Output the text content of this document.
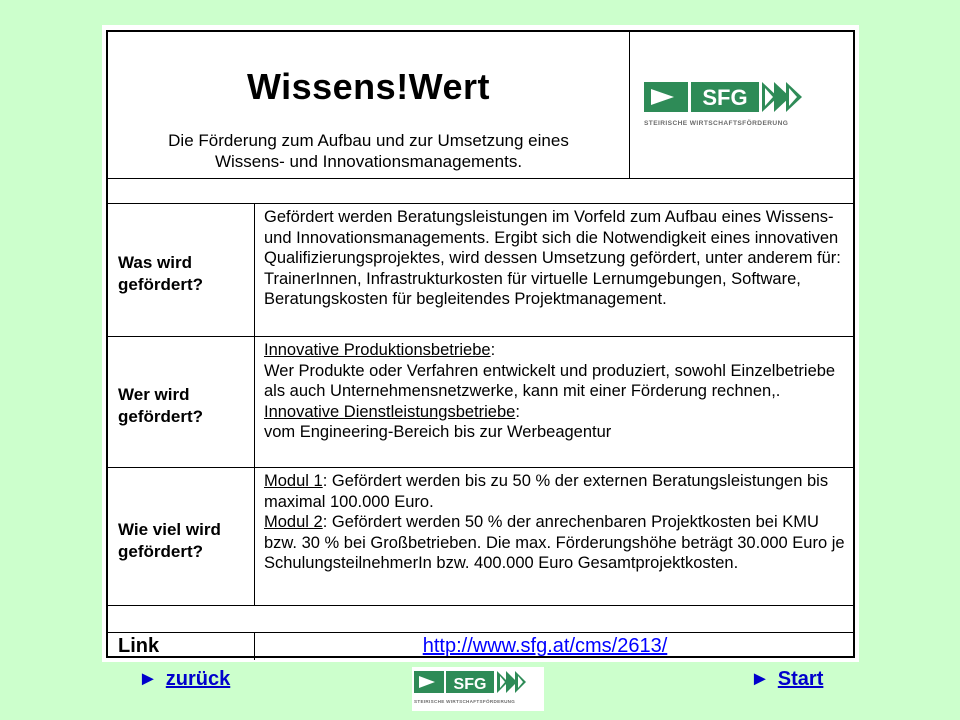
Wissens!Wert
Die Förderung zum Aufbau und zur Umsetzung eines
Wissens- und Innovationsmanagements.
SFG
STEIRISCHE WIRTSCHAFTSFÖRDERUNG
Was wird
gefördert?

Gefördert werden Beratungsleistungen im Vorfeld zum Aufbau eines Wissens- und Innovationsmanagements. Ergibt sich die Notwendigkeit eines innovativen Qualifizierungsprojektes, wird dessen Umsetzung gefördert, unter anderem für: TrainerInnen, Infrastrukturkosten für virtuelle Lernumgebungen, Software, Beratungskosten für begleitendes Projektmanagement.

Wer wird
gefördert?

Innovative Produktionsbetriebe:

Wer Produkte oder Verfahren entwickelt und produziert, sowohl Einzelbetriebe als auch Unternehmensnetzwerke, kann mit einer Förderung rechnen,.

Innovative Dienstleistungsbetriebe:

vom Engineering-Bereich bis zur Werbeagentur

Wie viel wird
gefördert?

Modul 1: Gefördert werden bis zu 50 % der externen Beratungsleistungen bis maximal 100.000 Euro.

Modul 2: Gefördert werden 50 % der anrechenbaren Projektkosten bei KMU bzw. 30 % bei Großbetrieben. Die max. Förderungshöhe beträgt 30.000 Euro je SchulungsteilnehmerIn bzw. 400.000 Euro Gesamtprojektkosten.

Link	http://www.sfg.at/cms/2613/
► zurück	SFG
STEIRISCHE WIRTSCHAFTSFÖRDERUNG
► Start
